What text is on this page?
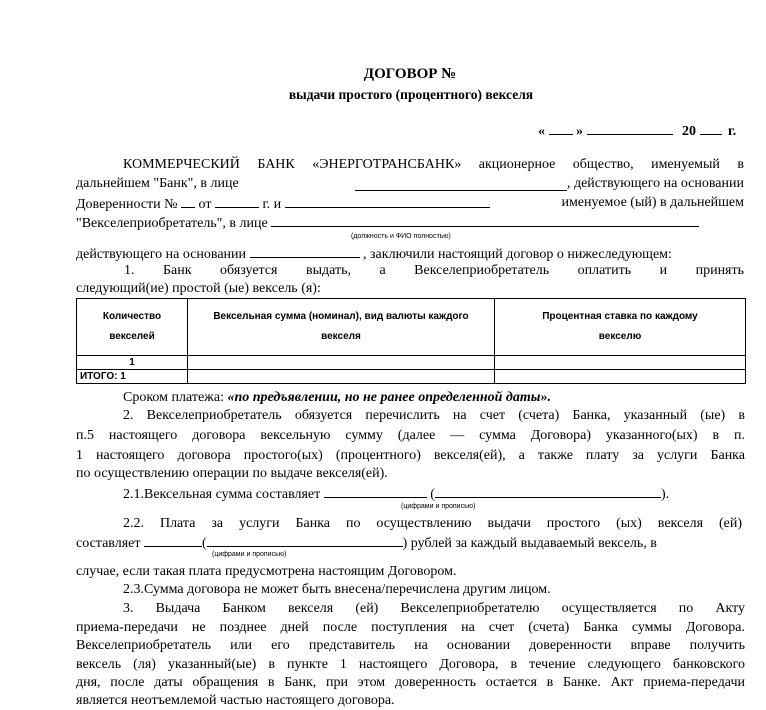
ДОГОВОР №
выдачи простого (процентного) векселя
« »	20 г.
КОММЕРЧЕСКИЙ БАНК «ЭНЕРГОТРАНСБАНК» акционерное общество, именуемый в
дальнейшем "Банк", в лице	, действующего на основании
Доверенности № от	г. и	именуемое (ый) в дальнейшем
"Векселеприобретатель", в лице
(должность и ФИО полностью)
действующего на основании	, заключили настоящий договор о нижеследующем:
1. Банк обязуется выдать, а Векселеприобретатель оплатить и принять
следующий(ие) простой (ые) вексель (я):
Количество векселей	Вексельная сумма (номинал), вид валюты каждого векселя	Процентная ставка по каждому векселю
1		
ИТОГО: 1		
Сроком платежа: «по предъявлении, но не ранее определенной даты».
2. Векселеприобретатель обязуется перечислить на счет (счета) Банка, указанный (ые) в
п.5 настоящего договора вексельную сумму (далее — сумма Договора) указанного(ых) в п.
1 настоящего договора простого(ых) (процентного) векселя(ей), а также плату за услуги Банка
по осуществлению операции по выдаче векселя(ей).
2.1.Вексельная сумма составляет	(	).
(цифрами и прописью)
2.2. Плата за услуги Банка по осуществлению выдачи простого (ых) векселя (ей)
составляет	(	) рублей за каждый выдаваемый вексель, в
(цифрами и прописью)
случае, если такая плата предусмотрена настоящим Договором.
2.3.Сумма договора не может быть внесена/перечислена другим лицом.
3. Выдача Банком векселя (ей) Векселеприобретателю осуществляется по Акту
приема-передачи не позднее дней после поступления на счет (счета) Банка суммы Договора.
Векселеприобретатель или его представитель на основании доверенности вправе получить
вексель (ля) указанный(ые) в пункте 1 настоящего Договора, в течение следующего банковского
дня, после даты обращения в Банк, при этом доверенность остается в Банке. Акт приема-передачи
является неотъемлемой частью настоящего договора.
